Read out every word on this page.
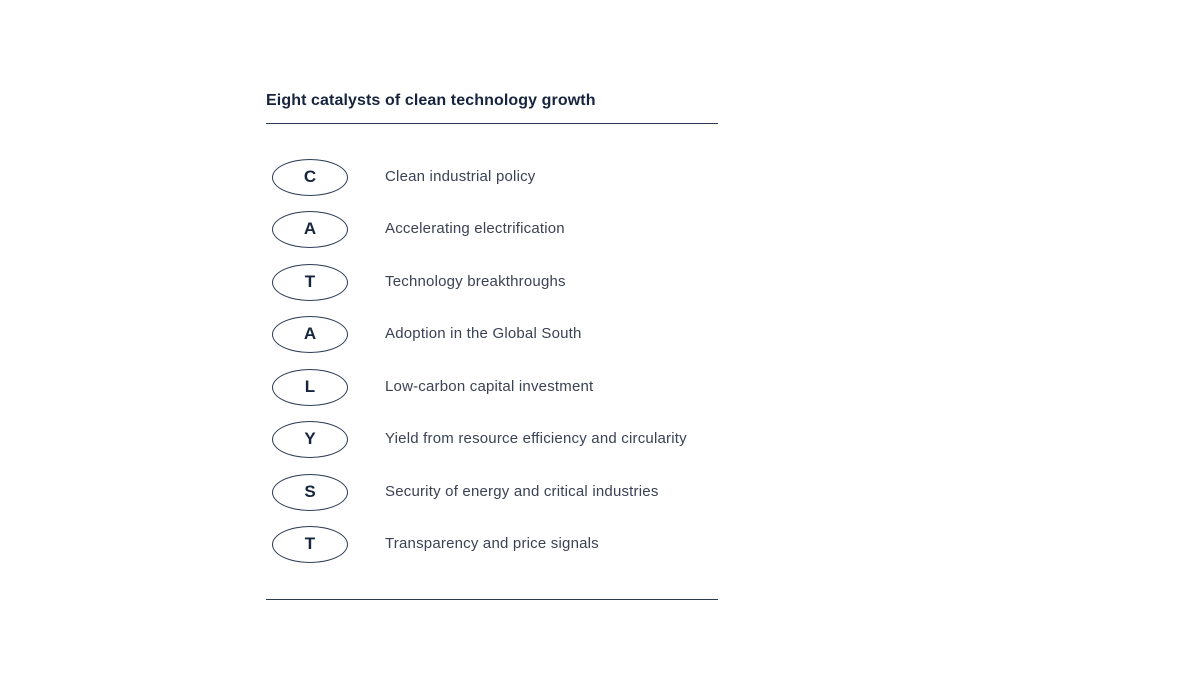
Eight catalysts of clean technology growth
C	Clean industrial policy
A	Accelerating electrification
T	Technology breakthroughs
A	Adoption in the Global South
L	Low-carbon capital investment
Y	Yield from resource efficiency and circularity
S	Security of energy and critical industries
T	Transparency and price signals
